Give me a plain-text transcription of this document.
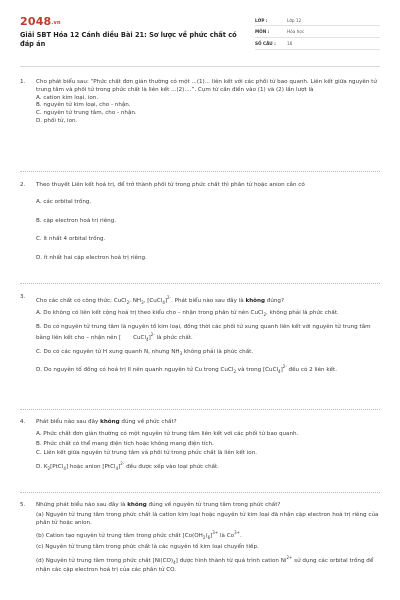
2048.vn
Giải SBT Hóa 12 Cánh diều Bài 21: Sơ lược về phức chất có đáp án
LỚP :	Lớp 12
MÔN :	Hóa học
SỐ CÂU :	16
1. Cho phát biểu sau: “Phức chất đơn giản thường có một ...(1)... liên kết với các phối tử bao quanh. Liên kết giữa nguyên tử trung tâm và phối tử trong phức chất là liên kết ...(2)....”. Cụm từ cần điền vào (1) và (2) lần lượt là
A. cation kim loại, ion.
B. nguyên tử kim loại, cho - nhận.
C. nguyên tử trung tâm, cho - nhận.
D. phối tử, ion.
2. Theo thuyết Liên kết hoá trị, để trở thành phối tử trong phức chất thì phân tử hoặc anion cần có
A. các orbital trống.
B. cặp electron hoá trị riêng.
C. ít nhất 4 orbital trống.
D. ít nhất hai cặp electron hoá trị riêng.
3.
Cho các chất có công thức: CuCl$_2$, $NH_3$, [CuCl$_4$]$^{2-}$. Phát biểu nào sau đây là không đúng?
A. Do không có liên kết cộng hoá trị theo kiểu cho – nhận trong phân tử nên CuCl$_2$, không phải là phức chất.
B. Do có nguyên tử trung tâm là nguyên tố kim loại, đồng thời các phối tử xung quanh liên kết với nguyên tử trung tâm bằng liên kết cho – nhận nên [ CuCl$_4$]$^{2-}$ là phức chất.
C. Do có các nguyên tử H xung quanh N, nhưng $NH_3$ không phải là phức chất.
D. Do nguyên tố đồng có hoá trị II nên quanh nguyên tử Cu trong CuCl$_2$ và trong [CuCl$_4$]$^{2-}$ đều có 2 liên kết.
4. Phát biểu nào sau đây không đúng về phức chất?
A. Phức chất đơn giản thường có một nguyên tử trung tâm liên kết với các phối tử bao quanh.
B. Phức chất có thể mang điện tích hoặc không mang điện tích.
C. Liên kết giữa nguyên tử trung tâm và phối tử trong phức chất là liên kết ion.
D. $K_2[PtCl_4]$ hoặc anion [PtCl$_4$]$^{2-}$ đều được xếp vào loại phức chất.
5. Những phát biểu nào sau đây là không đúng về nguyên tử trung tâm trong phức chất?
(a) Nguyên tử trung tâm trong phức chất là cation kim loại hoặc nguyên tử kim loại đã nhận cặp electron hoá trị riêng của phân tử hoặc anion.
(b) Cation tạo nguyên tử trung tâm trong phức chất $[Co(OH_2)_6]^{3+}$ là $Co^{3+}$.
(c) Nguyên tử trung tâm trong phức chất là các nguyên tố kim loại chuyển tiếp.
(d) Nguyên tử trung tâm trong phức chất $[Ni(CO)_4]$ được hình thành từ quá trình cation $Ni^{2+}$ sử dụng các orbital trống để nhận các cặp electron hoá trị của các phân tử CO.
